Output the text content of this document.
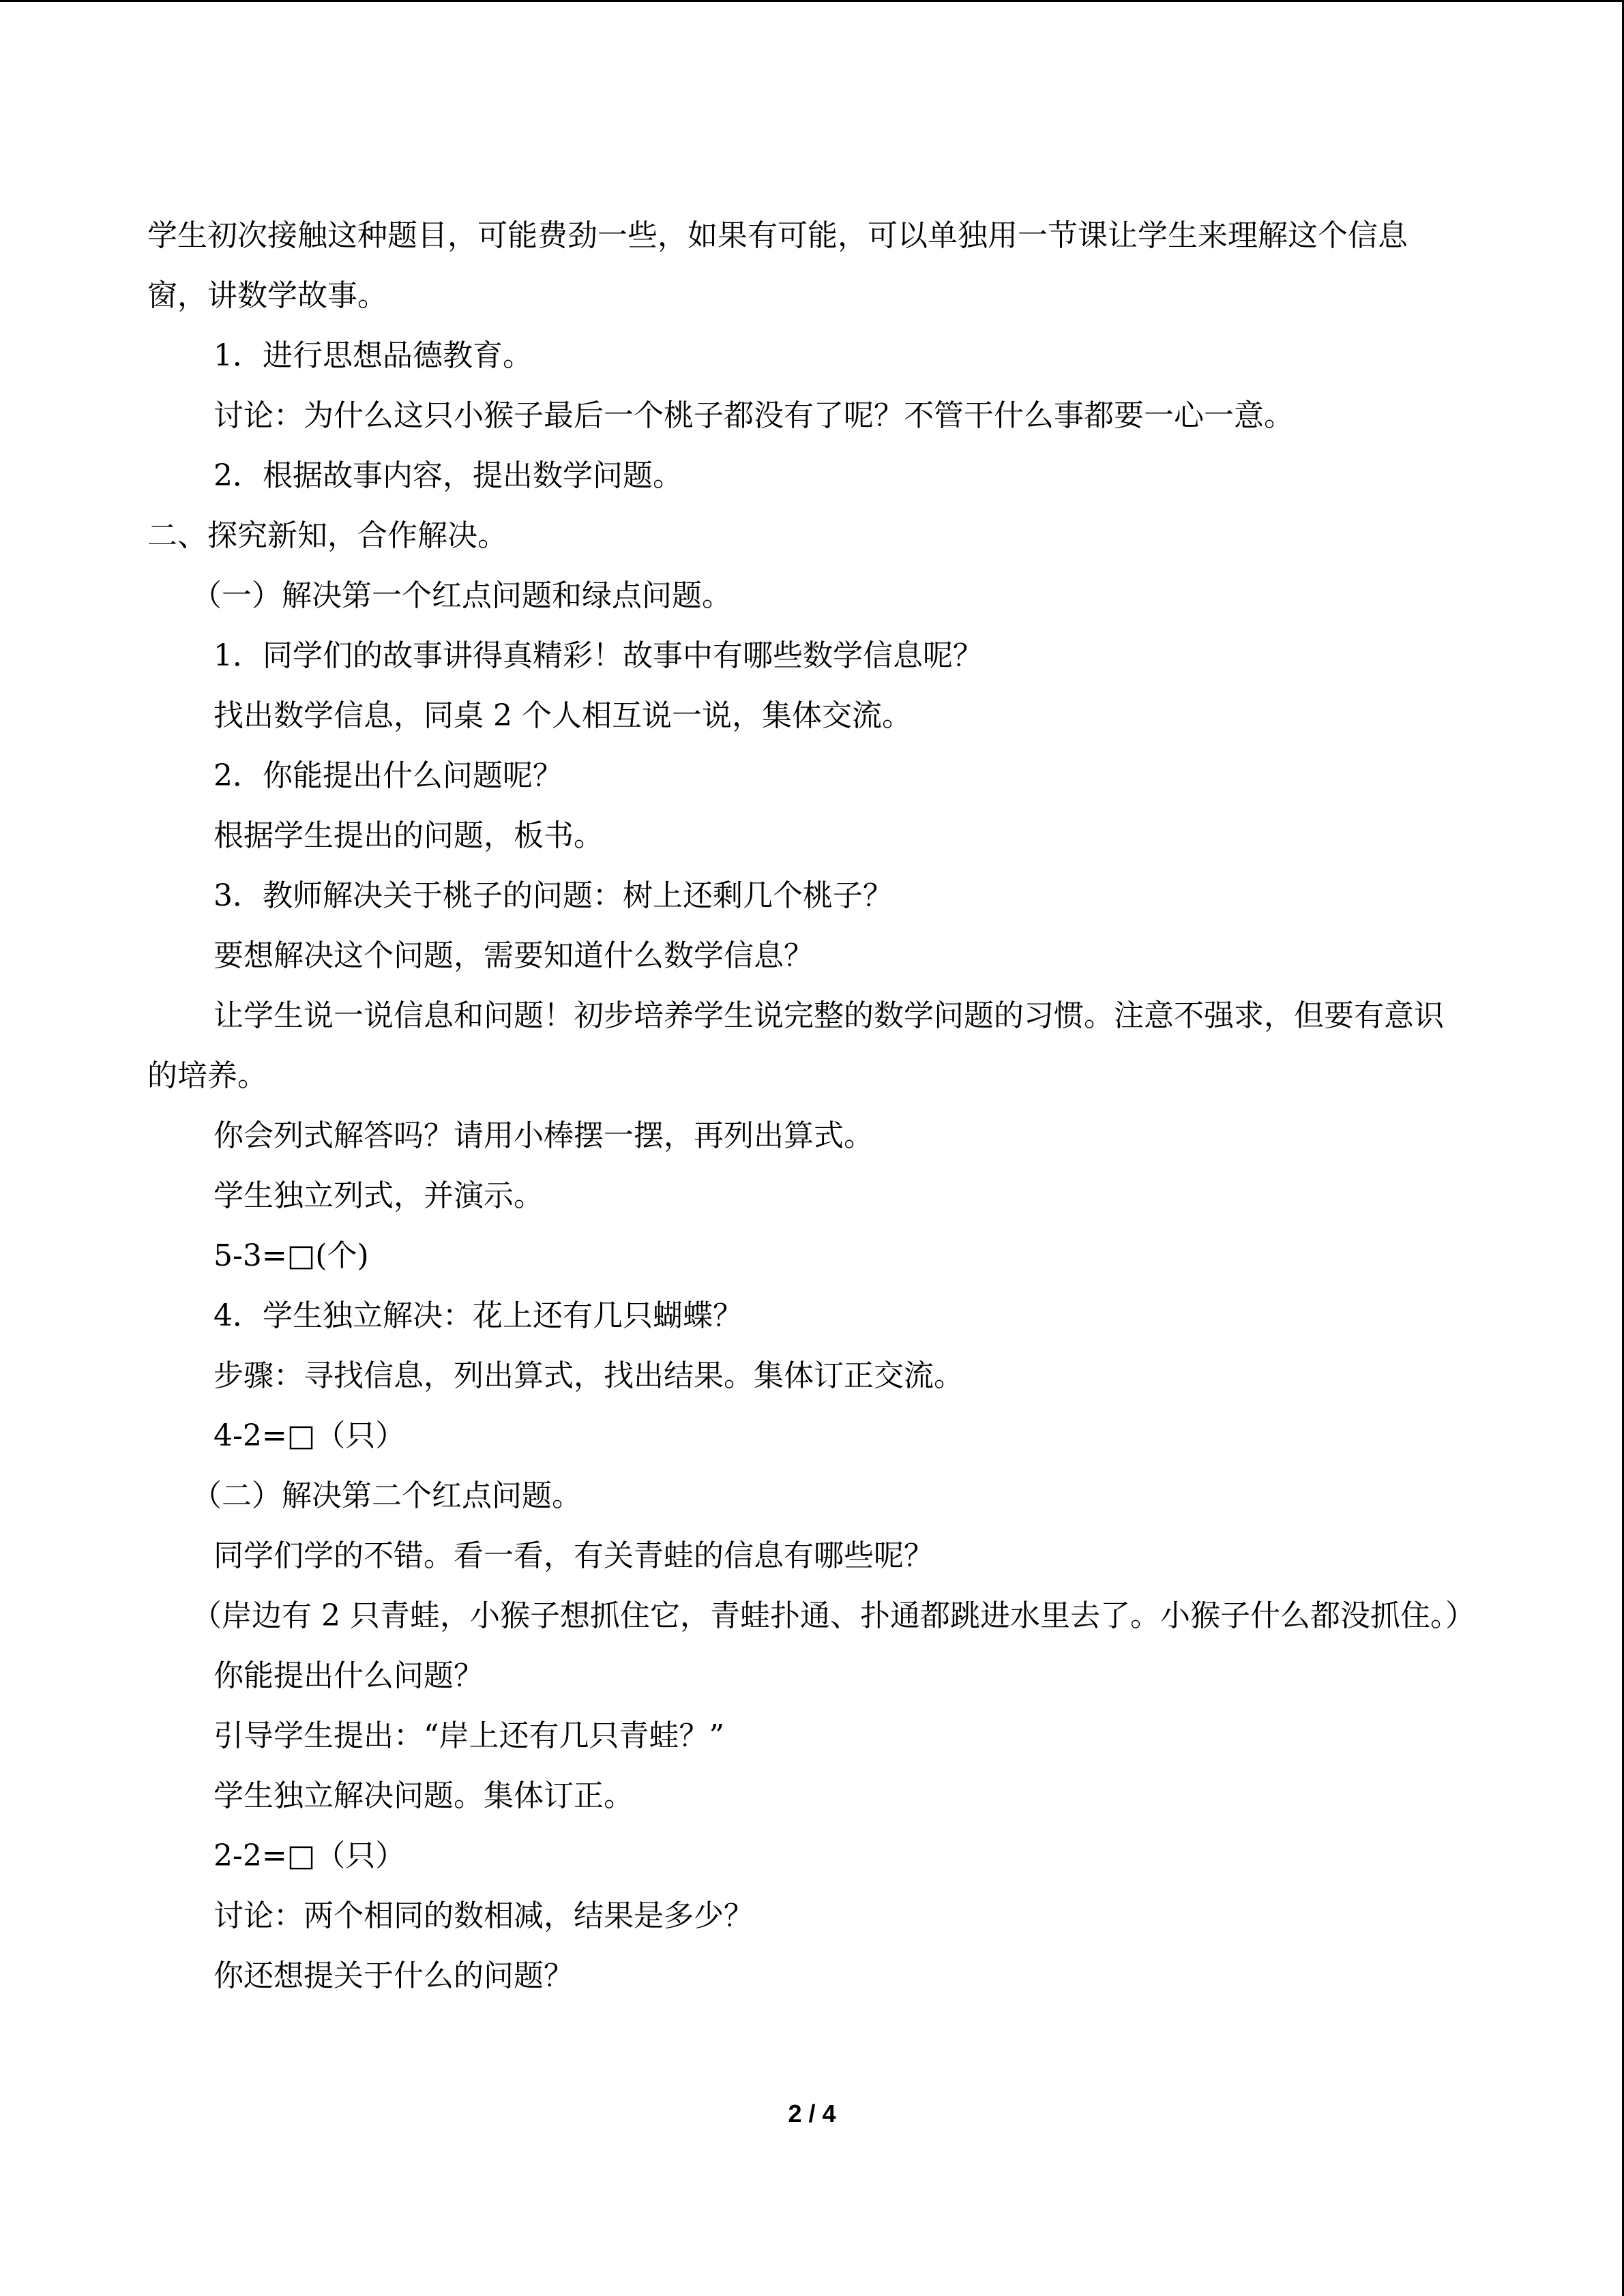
学生初次接触这种题目，可能费劲一些，如果有可能，可以单独用一节课让学生来理解这个信息窗，讲数学故事。

1．进行思想品德教育。

讨论：为什么这只小猴子最后一个桃子都没有了呢？不管干什么事都要一心一意。

2．根据故事内容，提出数学问题。

二、探究新知，合作解决。

（一）解决第一个红点问题和绿点问题。

1．同学们的故事讲得真精彩！故事中有哪些数学信息呢？

找出数学信息，同桌 2 个人相互说一说，集体交流。

2．你能提出什么问题呢？

根据学生提出的问题，板书。

3．教师解决关于桃子的问题：树上还剩几个桃子？

要想解决这个问题，需要知道什么数学信息？

让学生说一说信息和问题！初步培养学生说完整的数学问题的习惯。注意不强求，但要有意识的培养。

你会列式解答吗？请用小棒摆一摆，再列出算式。

学生独立列式，并演示。

5-3=□(个)

4．学生独立解决：花上还有几只蝴蝶？

步骤：寻找信息，列出算式，找出结果。集体订正交流。

4-2=□（只）

（二）解决第二个红点问题。

同学们学的不错。看一看，有关青蛙的信息有哪些呢？

（岸边有 2 只青蛙，小猴子想抓住它，青蛙扑通、扑通都跳进水里去了。小猴子什么都没抓住。）

你能提出什么问题？

引导学生提出：“岸上还有几只青蛙？”

学生独立解决问题。集体订正。

2-2=□（只）

讨论：两个相同的数相减，结果是多少？

你还想提关于什么的问题？

2 / 4
